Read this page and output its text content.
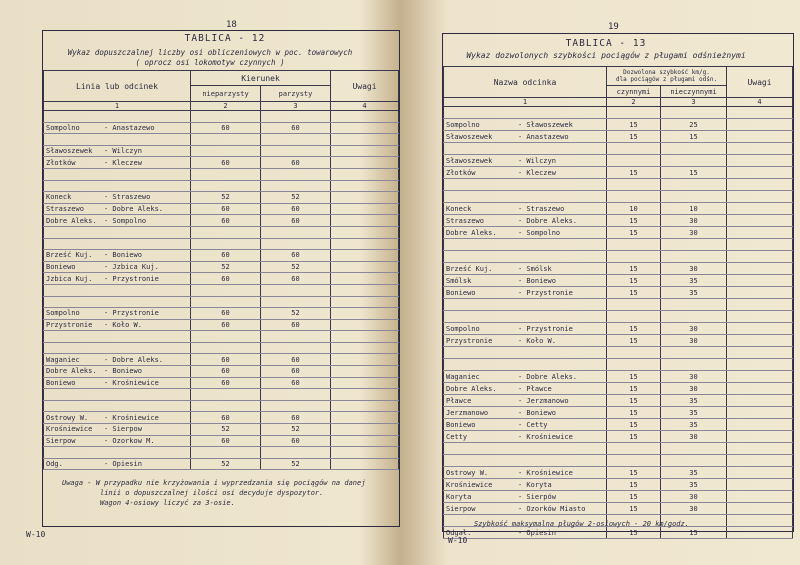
18
TABLICA - 12
Wykaz dopuszczalnej liczby osi obliczeniowych w poc. towarowych
( oprocz osi lokomotyw czynnych )
Linia lub odcinek	Kierunek		Uwagi
	nieparzysty	parzysty	
1	2	3	4

Sompolno - Anastazewo	60	60	

Sławoszewek - Wilczyn			
Złotków - Kleczew	60	60	

Koneck - Straszewo	52	52	
Straszewo - Dobre Aleks.	60	60	
Dobre Aleks. - Sompolno	60	60	

Brześć Kuj. - Boniewo	60	60	
Boniewo - Jzbica Kuj.	52	52	
Jzbica Kuj. - Przystronie	60	60	

Sompolno - Przystronie	60	52	
Przystronie - Koło W.	60	60	

Waganiec - Dobre Aleks.	60	60	
Dobre Aleks. - Boniewo	60	60	
Boniewo - Krośniewice	60	60	

Ostrowy W. - Krośniewice	60	60	
Krośniewice - Sierpow	52	52	
Sierpow - Ozorkow M.	60	60	

Odg. - Opiesin	52	52	
Uwaga - W przypadku nie krzyżowania i wyprzedzania się pociągów na danej
linii o dopuszczalnej ilości osi decyduje dyspozytor.
Wagon 4-osiowy liczyć za 3-osie.
W-10
19
TABLICA - 13
Wykaz dozwolonych szybkości pociągów z pługami odśnieżnymi
Nazwa odcinka	Dozwolona szybkość km/g.
dla pociągów z pługami odśn.		Uwagi
	czynnymi	nieczynnymi	
1	2	3	4

Sompolno - Sławoszewek	15	25	
Sławoszewek - Anastazewo	15	15	

Sławoszewek - Wilczyn			
Złotków - Kleczew	15	15	

Koneck - Straszewo	10	10	
Straszewo - Dobre Aleks.	15	30	
Dobre Aleks. - Sompolno	15	30	

Brześć Kuj. - Smólsk	15	30	
Smólsk - Boniewo	15	35	
Boniewo - Przystronie	15	35	

Sompolno - Przystronie	15	30	
Przystronie - Koło W.	15	30	

Waganiec - Dobre Aleks.	15	30	
Dobre Aleks. - Pławce	15	30	
Pławce - Jerzmanowo	15	35	
Jerzmanowo - Boniewo	15	35	
Boniewo - Cetty	15	35	
Cetty - Krośniewice	15	30	

Ostrowy W. - Krośniewice	15	35	
Krośniewice - Koryta	15	35	
Koryta - Sierpów	15	30	
Sierpow - Ozorków Miasto	15	30	

Odgał. - Opiesin	15	15	
Szybkość maksymalna pługów 2-osiowych - 20 km/godz.
W-10
